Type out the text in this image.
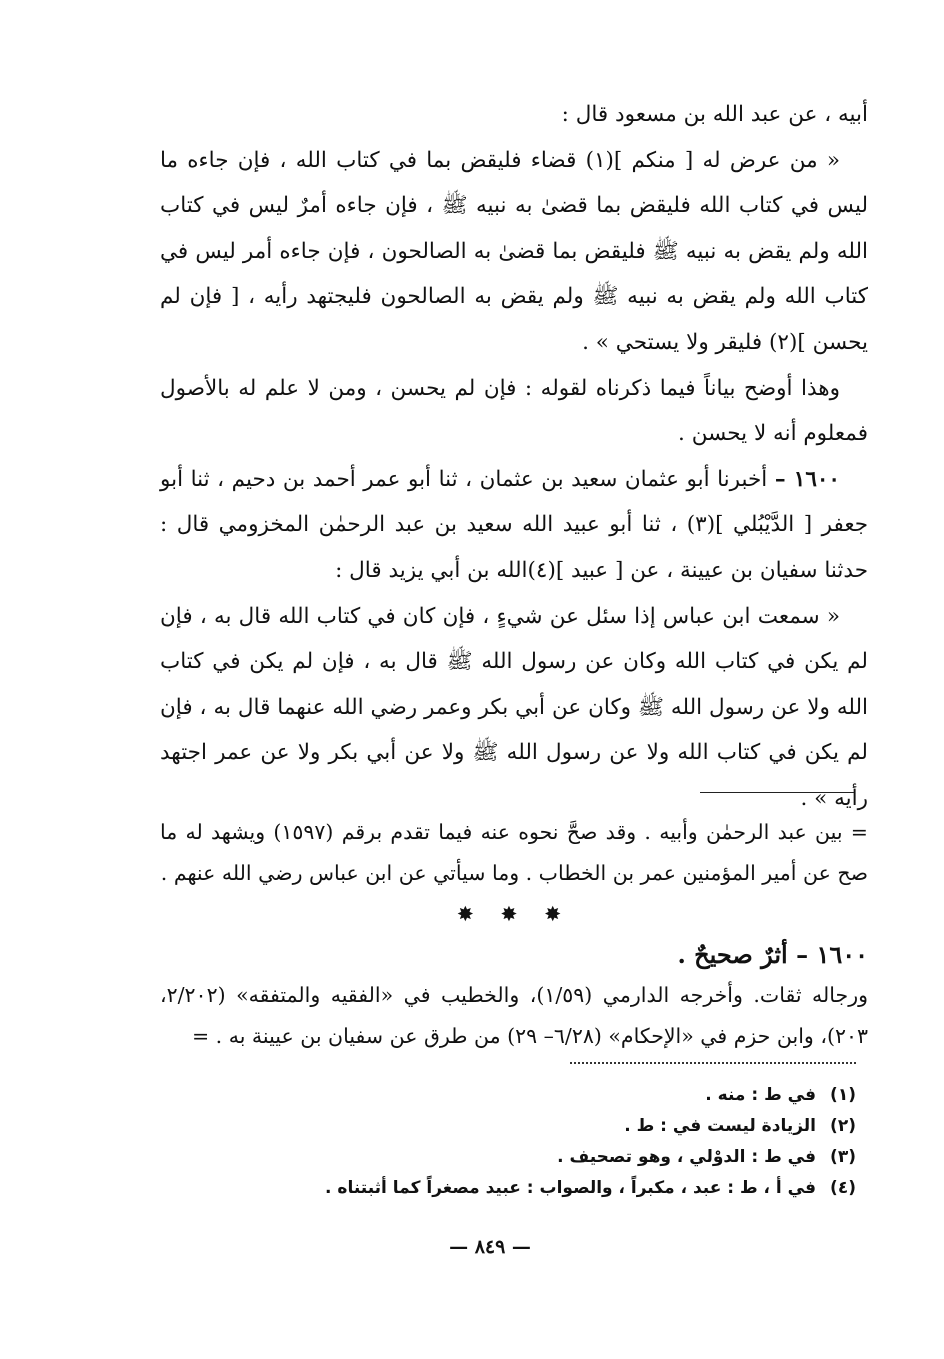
أبيه ، عن عبد الله بن مسعود قال :

« من عرض له [ منكم ](١) قضاء فليقض بما في كتاب الله ، فإن جاءه ما ليس في كتاب الله فليقض بما قضىٰ به نبيه ﷺ ، فإن جاءه أمرٌ ليس في كتاب الله ولم يقض به نبيه ﷺ فليقض بما قضىٰ به الصالحون ، فإن جاءه أمر ليس في كتاب الله ولم يقض به نبيه ﷺ ولم يقض به الصالحون فليجتهد رأيه ، [ فإن لم يحسن ](٢) فليقر ولا يستحي » .

وهذا أوضح بياناً فيما ذكرناه لقوله : فإن لم يحسن ، ومن لا علم له بالأصول فمعلوم أنه لا يحسن .

١٦٠٠ – أخبرنا أبو عثمان سعيد بن عثمان ، ثنا أبو عمر أحمد بن دحيم ، ثنا أبو جعفر [ الدَّيْبُلي ](٣) ، ثنا أبو عبيد الله سعيد بن عبد الرحمٰن المخزومي قال : حدثنا سفيان بن عيينة ، عن [ عبيد ](٤)الله بن أبي يزيد قال :

« سمعت ابن عباس إذا سئل عن شيءٍ ، فإن كان في كتاب الله قال به ، فإن لم يكن في كتاب الله وكان عن رسول الله ﷺ قال به ، فإن لم يكن في كتاب الله ولا عن رسول الله ﷺ وكان عن أبي بكر وعمر رضي الله عنهما قال به ، فإن لم يكن في كتاب الله ولا عن رسول الله ﷺ ولا عن أبي بكر ولا عن عمر اجتهد رأيه » .

= بين عبد الرحمٰن وأبيه . وقد صحَّ نحوه عنه فيما تقدم برقم (١٥٩٧) ويشهد له ما صح عن أمير المؤمنين عمر بن الخطاب . وما سيأتي عن ابن عباس رضي الله عنهم .

✸ ✸ ✸

١٦٠٠ – أثرٌ صحيحٌ .

ورجاله ثقات. وأخرجه الدارمي (١/٥٩)، والخطيب في «الفقيه والمتفقه» (٢/٢٠٢، ٢٠٣)، وابن حزم في «الإحكام» (٦/٢٨– ٢٩) من طرق عن سفيان بن عيينة به . =

(١)
في ط : منه .
(٢)
الزيادة ليست في : ط .
(٣)
في ط : الدوْلي ، وهو تصحيف .
(٤)
في أ ، ط : عبد ، مكبراً ، والصواب : عبيد مصغراً كما أثبتناه .
— ٨٤٩ —
